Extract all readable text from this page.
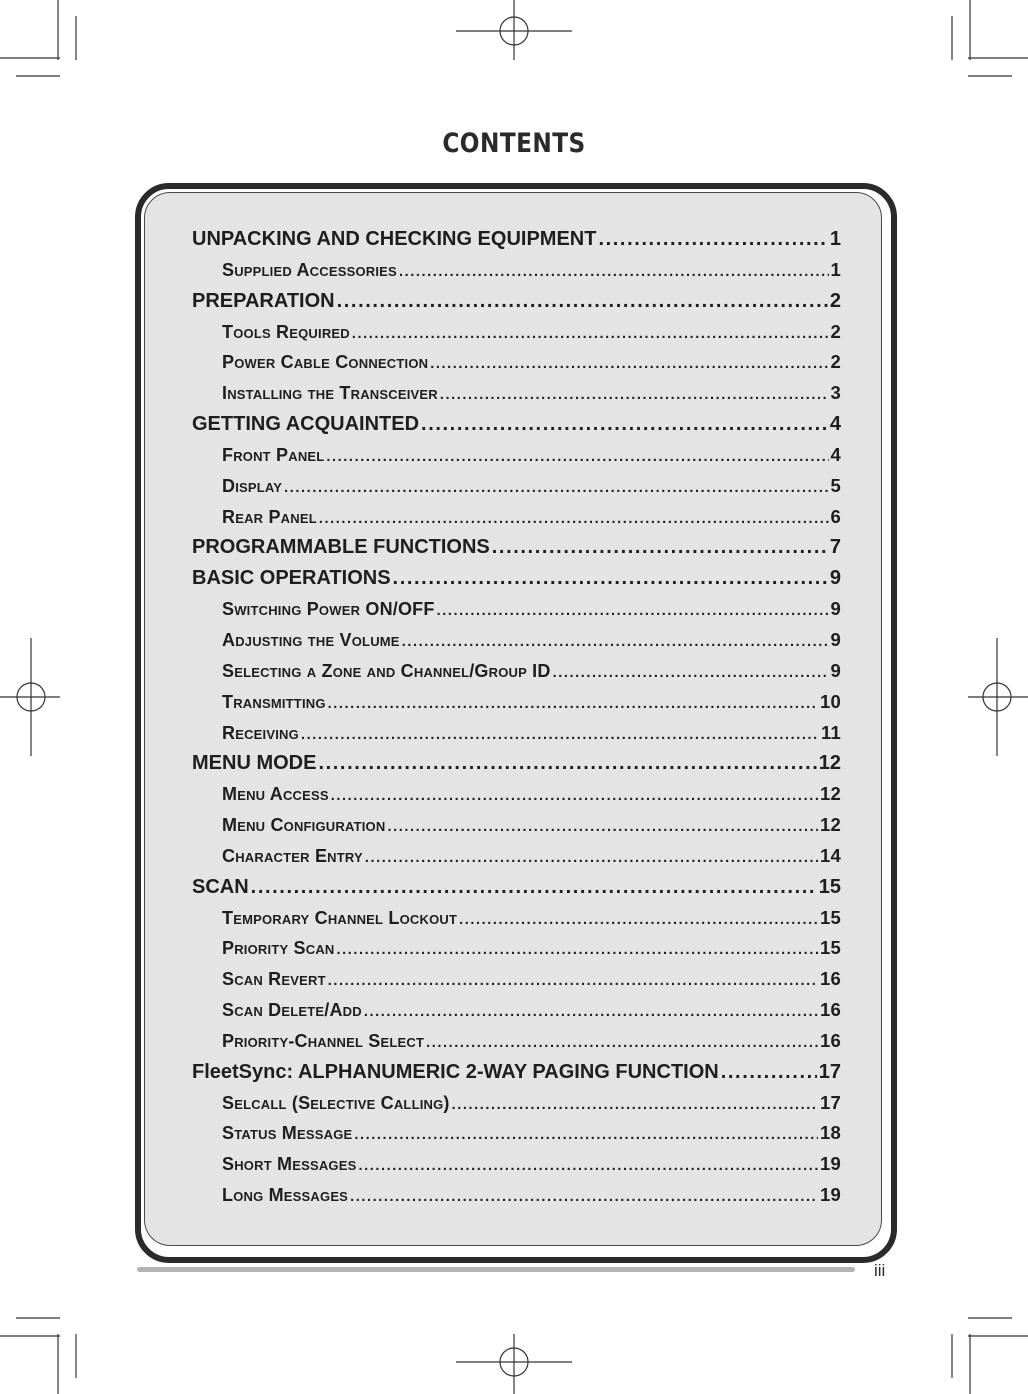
CONTENTS
UNPACKING AND CHECKING EQUIPMENT .....	1
Supplied Accessories .....	1
PREPARATION .....	2
Tools Required .....	2
Power Cable Connection .....	2
Installing the Transceiver .....	3
GETTING ACQUAINTED .....	4
Front Panel .....	4
Display .....	5
Rear Panel .....	6
PROGRAMMABLE FUNCTIONS .....	7
BASIC OPERATIONS .....	9
Switching Power ON/OFF .....	9
Adjusting the Volume .....	9
Selecting a Zone and Channel/Group ID .....	9
Transmitting .....	10
Receiving .....	11
MENU MODE .....	12
Menu Access .....	12
Menu Configuration .....	12
Character Entry .....	14
SCAN .....	15
Temporary Channel Lockout .....	15
Priority Scan .....	15
Scan Revert .....	16
Scan Delete/Add .....	16
Priority-Channel Select .....	16
FleetSync: ALPHANUMERIC 2-WAY PAGING FUNCTION .....	17
Selcall (Selective Calling) .....	17
Status Message .....	18
Short Messages .....	19
Long Messages .....	19
iii
